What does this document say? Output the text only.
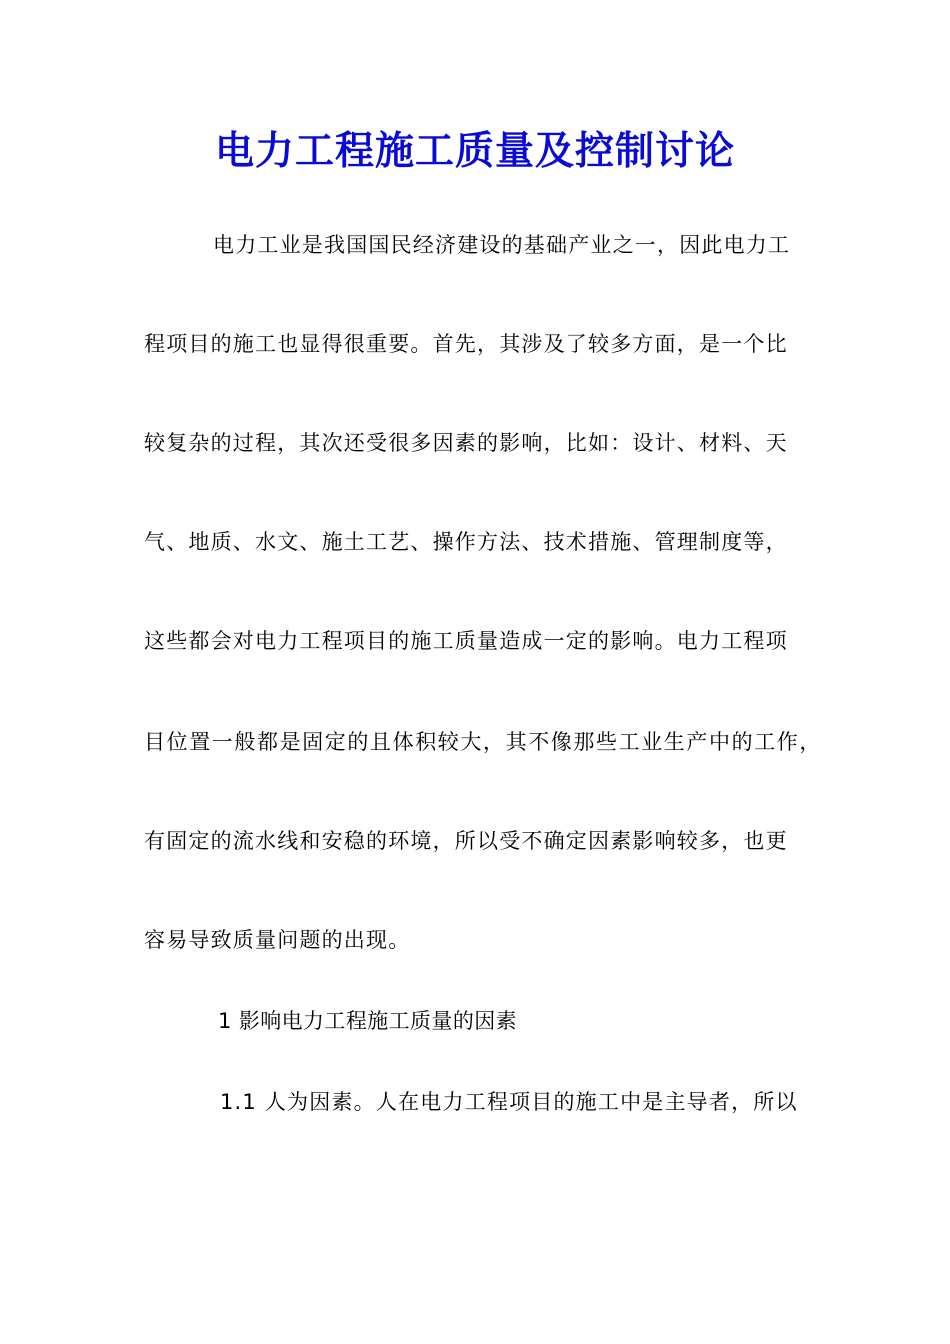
电力工程施工质量及控制讨论
电力工业是我国国民经济建设的基础产业之一，因此电力工
程项目的施工也显得很重要。首先，其涉及了较多方面，是一个比
较复杂的过程，其次还受很多因素的影响，比如：设计、材料、天
气、地质、水文、施土工艺、操作方法、技术措施、管理制度等，
这些都会对电力工程项目的施工质量造成一定的影响。电力工程项
目位置一般都是固定的且体积较大，其不像那些工业生产中的工作，
有固定的流水线和安稳的环境，所以受不确定因素影响较多，也更
容易导致质量问题的出现。
1 影响电力工程施工质量的因素
1.1 人为因素。人在电力工程项目的施工中是主导者，所以
